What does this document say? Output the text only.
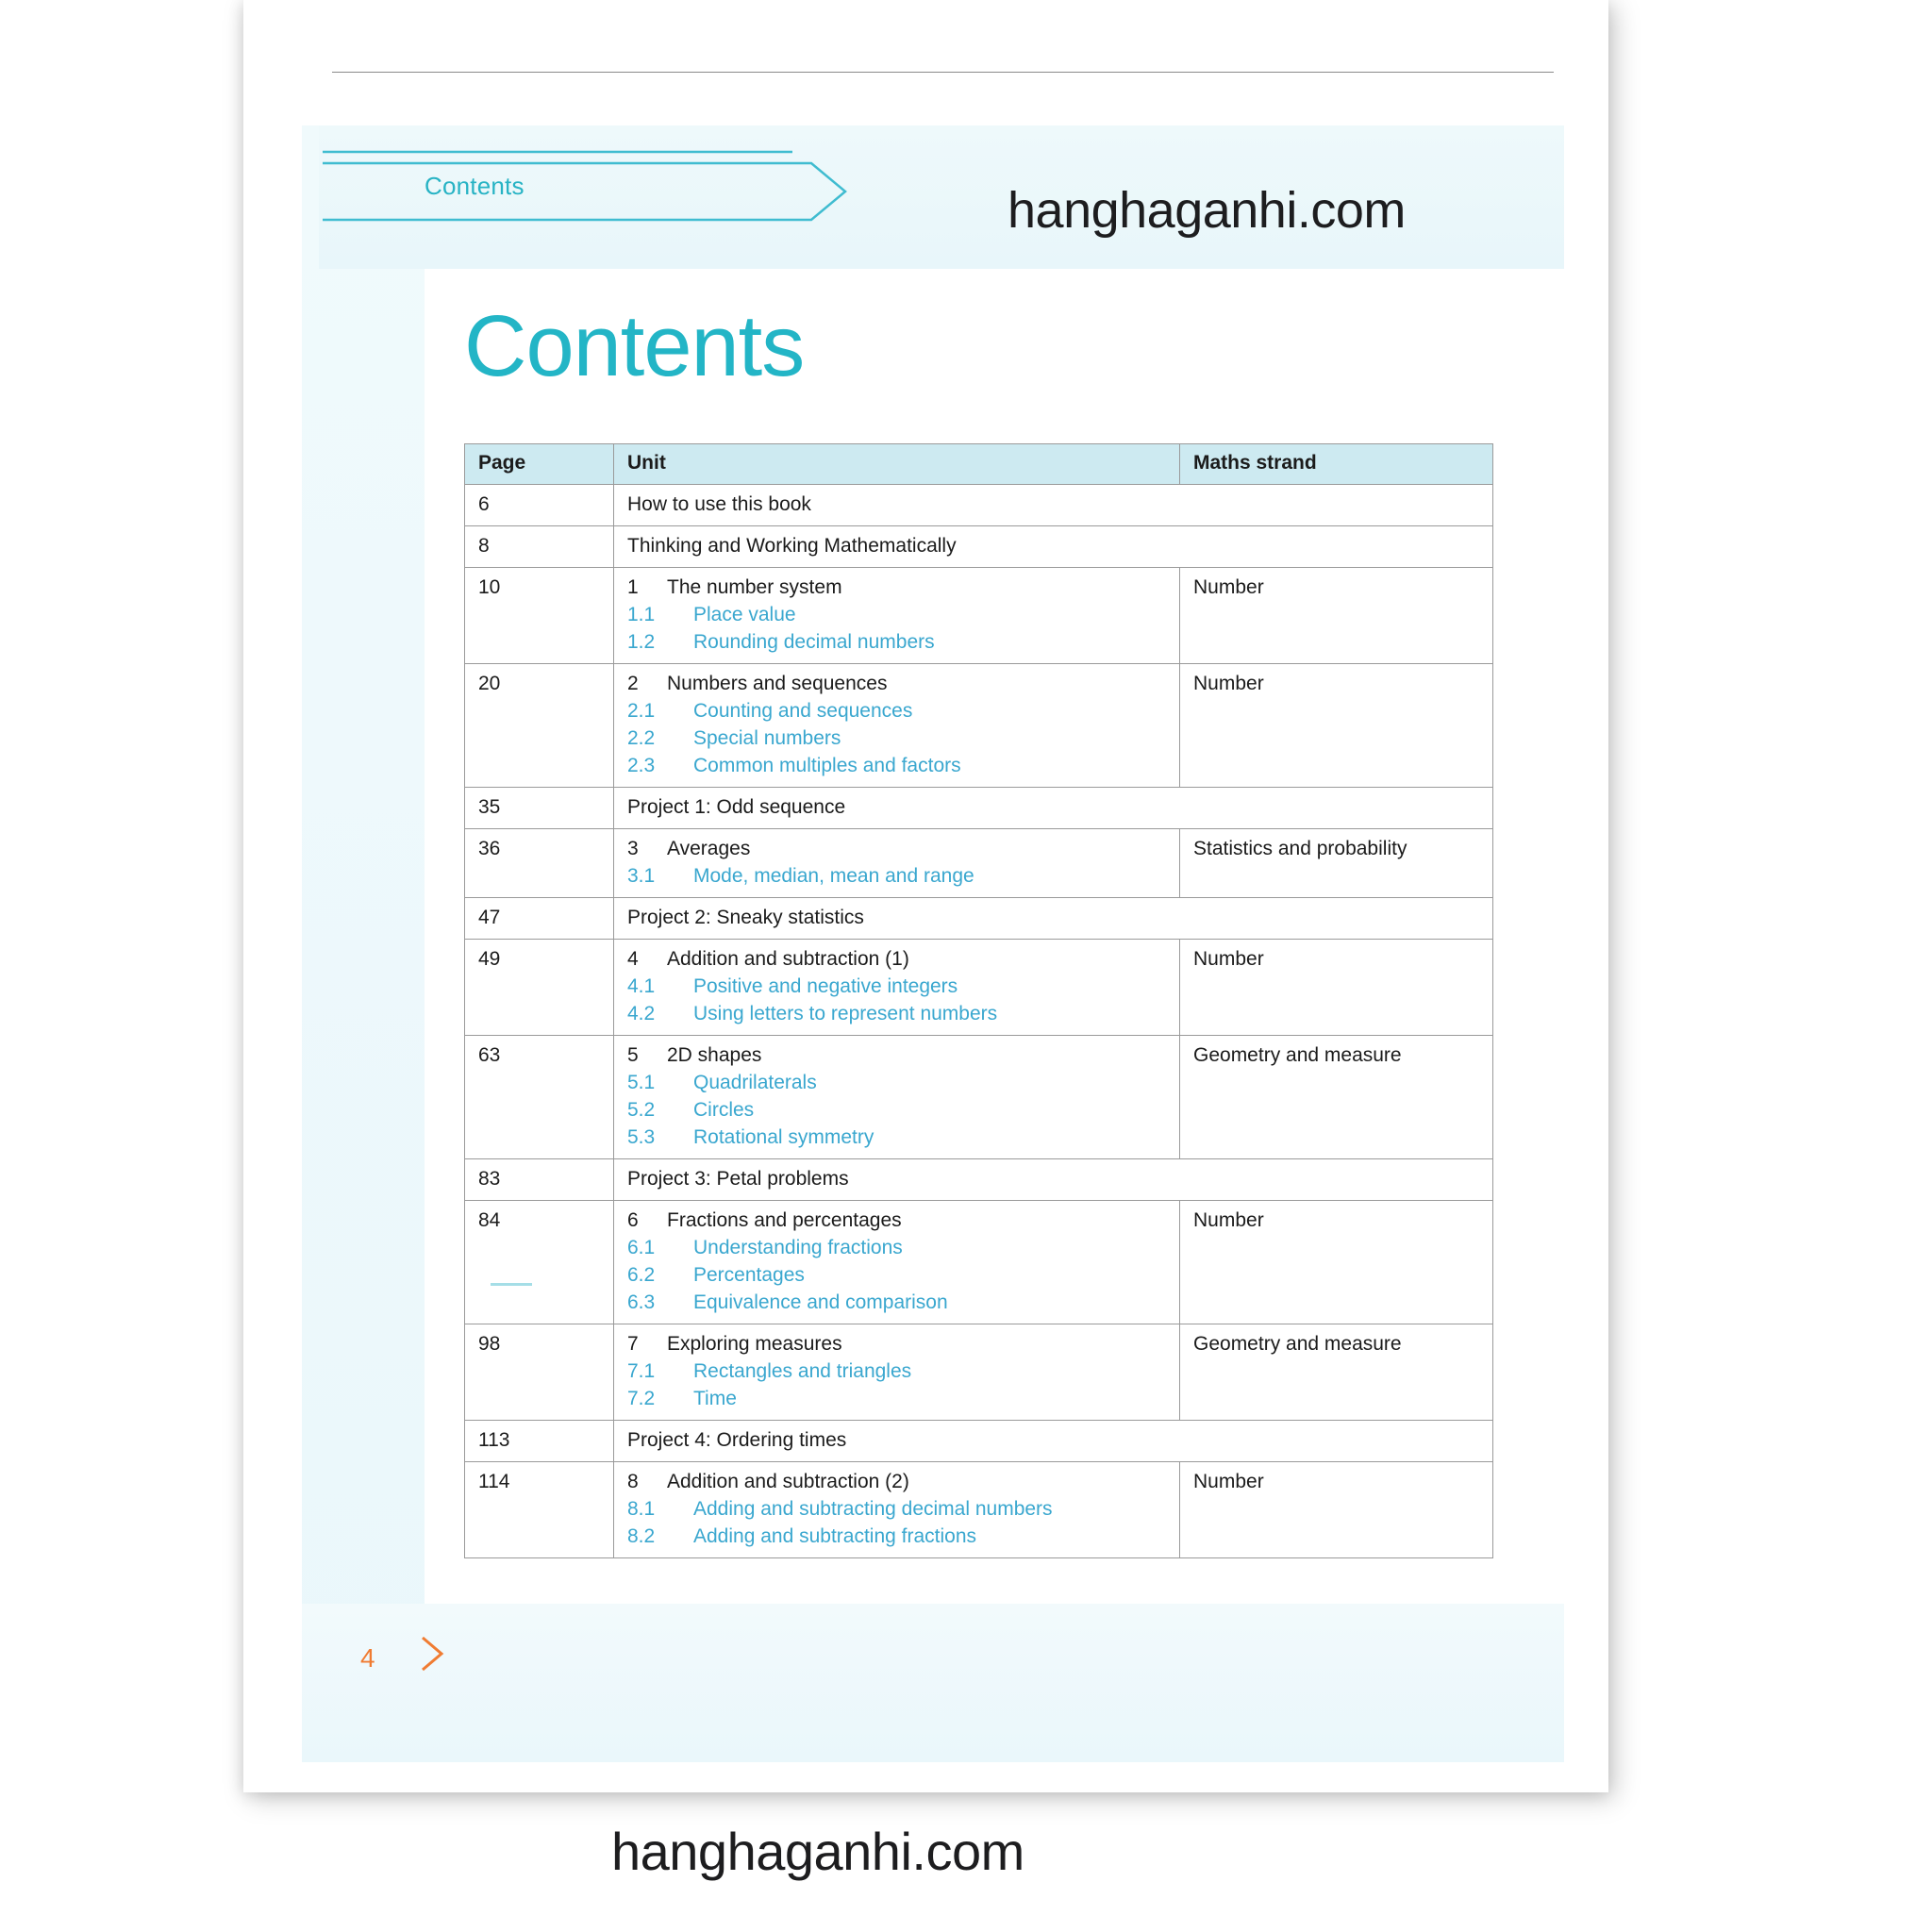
Contents	hanghaganhi.com
Contents
Page	Unit	Maths strand

6	How to use this book	

8	Thinking and Working Mathematically	

10	1 The number system
1.1 Place value
1.2 Rounding decimal numbers	Number

20	2 Numbers and sequences
2.1 Counting and sequences
2.2 Special numbers
2.3 Common multiples and factors	Number

35	Project 1: Odd sequence	

36	3 Averages
3.1 Mode, median, mean and range	Statistics and probability

47	Project 2: Sneaky statistics	

49	4 Addition and subtraction (1)
4.1 Positive and negative integers
4.2 Using letters to represent numbers	Number

63	5 2D shapes
5.1 Quadrilaterals
5.2 Circles
5.3 Rotational symmetry	Geometry and measure

83	Project 3: Petal problems	

84	6 Fractions and percentages
6.1 Understanding fractions
6.2 Percentages
6.3 Equivalence and comparison	Number

98	7 Exploring measures
7.1 Rectangles and triangles
7.2 Time	Geometry and measure

113	Project 4: Ordering times	

114	8 Addition and subtraction (2)
8.1 Adding and subtracting decimal numbers
8.2 Adding and subtracting fractions	Number
4
hanghaganhi.com
